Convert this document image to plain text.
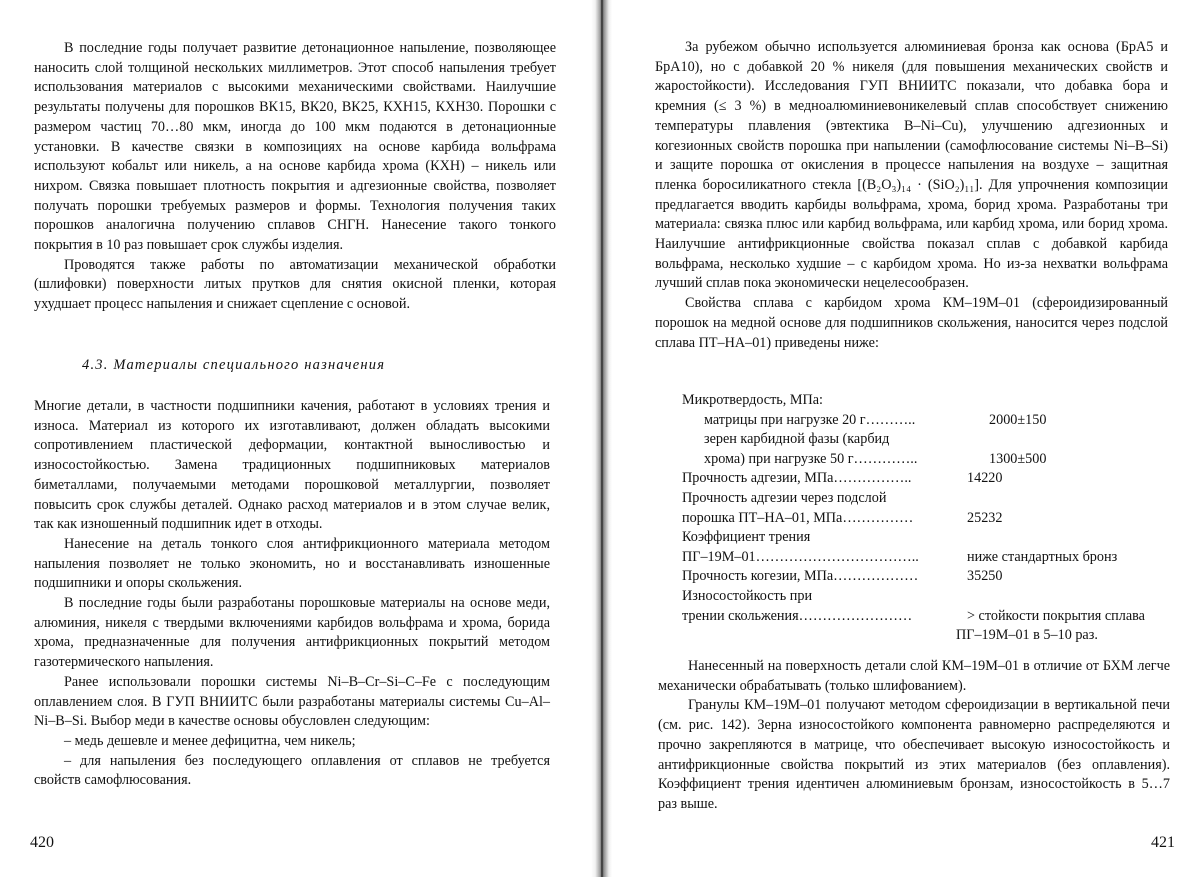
В последние годы получает развитие детонационное напыление, позволяющее наносить слой толщиной нескольких миллиметров. Этот способ напыления требует использования материалов с высокими механическими свойствами. Наилучшие результаты получены для порошков ВК15, ВК20, ВК25, КХН15, КХН30. Порошки с размером частиц 70…80 мкм, иногда до 100 мкм подаются в детонационные установки. В качестве связки в композициях на основе карбида вольфрама используют кобальт или никель, а на основе карбида хрома (КХН) – никель или нихром. Связка повышает плотность покрытия и адгезионные свойства, позволяет получать порошки требуемых размеров и формы. Технология получения таких порошков аналогична получению сплавов СНГН. Нанесение такого тонкого покрытия в 10 раз повышает срок службы изделия.

Проводятся также работы по автоматизации механической обработки (шлифовки) поверхности литых прутков для снятия окисной пленки, которая ухудшает процесс напыления и снижает сцепление с основой.

4.3. Материалы специального назначения

Многие детали, в частности подшипники качения, работают в условиях трения и износа. Материал из которого их изготавливают, должен обладать высокими сопротивлением пластической деформации, контактной выносливостью и износостойкостью. Замена традиционных подшипниковых материалов биметаллами, получаемыми методами порошковой металлургии, позволяет повысить срок службы деталей. Однако расход материалов и в этом случае велик, так как изношенный подшипник идет в отходы.

Нанесение на деталь тонкого слоя антифрикционного материала методом напыления позволяет не только экономить, но и восстанавливать изношенные подшипники и опоры скольжения.

В последние годы были разработаны порошковые материалы на основе меди, алюминия, никеля с твердыми включениями карбидов вольфрама и хрома, борида хрома, предназначенные для получения антифрикционных покрытий методом газотермического напыления.

Ранее использовали порошки системы Ni–B–Cr–Si–C–Fe с последующим оплавлением слоя. В ГУП ВНИИТС были разработаны материалы системы Cu–Al–Ni–B–Si. Выбор меди в качестве основы обусловлен следующим:

– медь дешевле и менее дефицитна, чем никель;

– для напыления без последующего оплавления от сплавов не требуется свойств самофлюсования.

420

За рубежом обычно используется алюминиевая бронза как основа (БрА5 и БрА10), но с добавкой 20 % никеля (для повышения механических свойств и жаростойкости). Исследования ГУП ВНИИТС показали, что добавка бора и кремния (≤ 3 %) в медноалюминиевоникелевый сплав способствует снижению температуры плавления (эвтектика B–Ni–Cu), улучшению адгезионных и когезионных свойств порошка при напылении (самофлюсование системы Ni–B–Si) и защите порошка от окисления в процессе напыления на воздухе – защитная пленка боросиликатного стекла [(B₂O₃)₁₄ · (SiO₂)₁₁]. Для упрочнения композиции предлагается вводить карбиды вольфрама, хрома, борид хрома. Разработаны три материала: связка плюс или карбид вольфрама, или карбид хрома, или борид хрома. Наилучшие антифрикционные свойства показал сплав с добавкой карбида вольфрама, несколько худшие – с карбидом хрома. Но из-за нехватки вольфрама лучший сплав пока экономически нецелесообразен.

Свойства сплава с карбидом хрома КМ–19М–01 (сфероидизированный порошок на медной основе для подшипников скольжения, наносится через подслой сплава ПТ–НА–01) приведены ниже:

Микротвердость, МПа:
матрицы при нагрузке 20 г………..	2000±150
зерен карбидной фазы (карбид
хрома) при нагрузке 50 г…………..	1300±500
Прочность адгезии, МПа……………..	14220
Прочность адгезии через подслой
порошка ПТ–НА–01, МПа……………	25232
Коэффициент трения
ПГ–19М–01……………………………..	ниже стандартных бронз
Прочность когезии, МПа………………	35250
Износостойкость при
трении скольжения……………………	> стойкости покрытия сплава
ПГ–19М–01 в 5–10 раз.

Нанесенный на поверхность детали слой КМ–19М–01 в отличие от БХМ легче механически обрабатывать (только шлифованием).

Гранулы КМ–19М–01 получают методом сфероидизации в вертикальной печи (см. рис. 142). Зерна износостойкого компонента равномерно распределяются и прочно закрепляются в матрице, что обеспечивает высокую износостойкость и антифрикционные свойства покрытий из этих материалов (без оплавления). Коэффициент трения идентичен алюминиевым бронзам, износостойкость в 5…7 раз выше.

421
